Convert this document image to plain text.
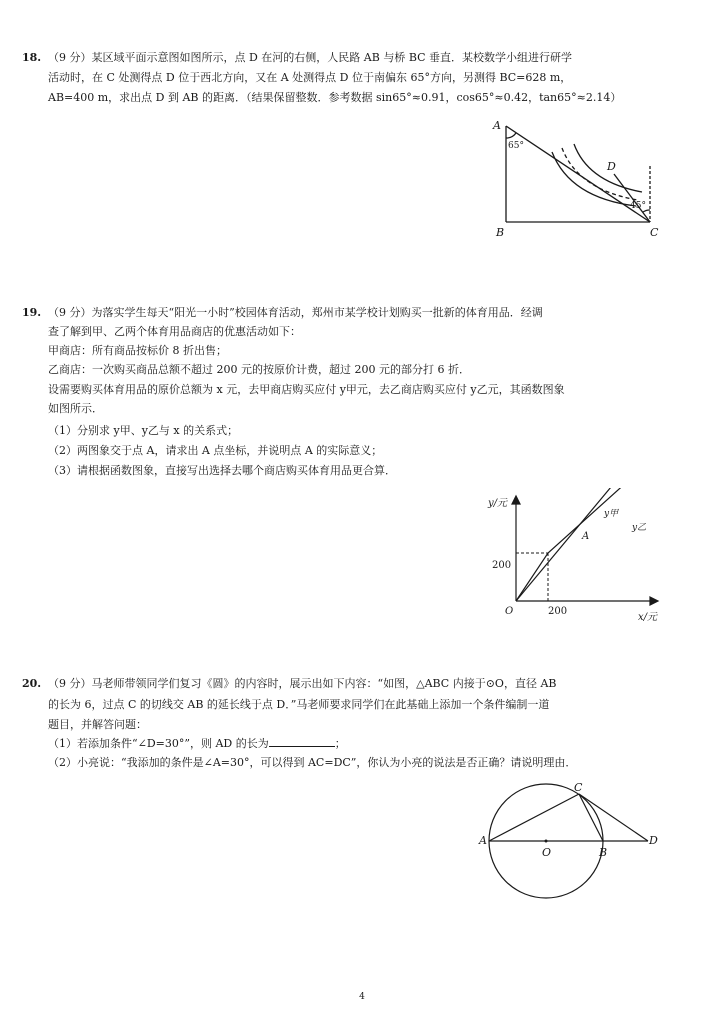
18. （9 分）某区域平面示意图如图所示，点 D 在河的右侧，人民路 AB 与桥 BC 垂直．某校数学小组进行研学
活动时，在 C 处测得点 D 位于西北方向，又在 A 处测得点 D 位于南偏东 65°方向，另测得 BC=628 m，
AB=400 m，求出点 D 到 AB 的距离．（结果保留整数．参考数据 sin65°≈0.91，cos65°≈0.42，tan65°≈2.14）
A
B	C
D
65°
45°
19. （9 分）为落实学生每天“阳光一小时”校园体育活动，郑州市某学校计划购买一批新的体育用品．经调
查了解到甲、乙两个体育用品商店的优惠活动如下：
甲商店：所有商品按标价 8 折出售；
乙商店：一次购买商品总额不超过 200 元的按原价计费，超过 200 元的部分打 6 折．
设需要购买体育用品的原价总额为 x 元，去甲商店购买应付 y甲元，去乙商店购买应付 y乙元，其函数图象
如图所示．
（1）分别求 y甲、y乙与 x 的关系式；
（2）两图象交于点 A，请求出 A 点坐标，并说明点 A 的实际意义；
（3）请根据函数图象，直接写出选择去哪个商店购买体育用品更合算．
y/元
x/元
O	200
200
A
y甲
y乙
20. （9 分）马老师带领同学们复习《圆》的内容时，展示出如下内容：“如图，△ABC 内接于⊙O，直径 AB
的长为 6，过点 C 的切线交 AB 的延长线于点 D．”马老师要求同学们在此基础上添加一个条件编制一道
题目，并解答问题：
（1）若添加条件“∠D=30°”，则 AD 的长为	；
（2）小亮说：“我添加的条件是∠A=30°，可以得到 AC=DC”，你认为小亮的说法是否正确？请说明理由．
A
B
C
D
O
4
